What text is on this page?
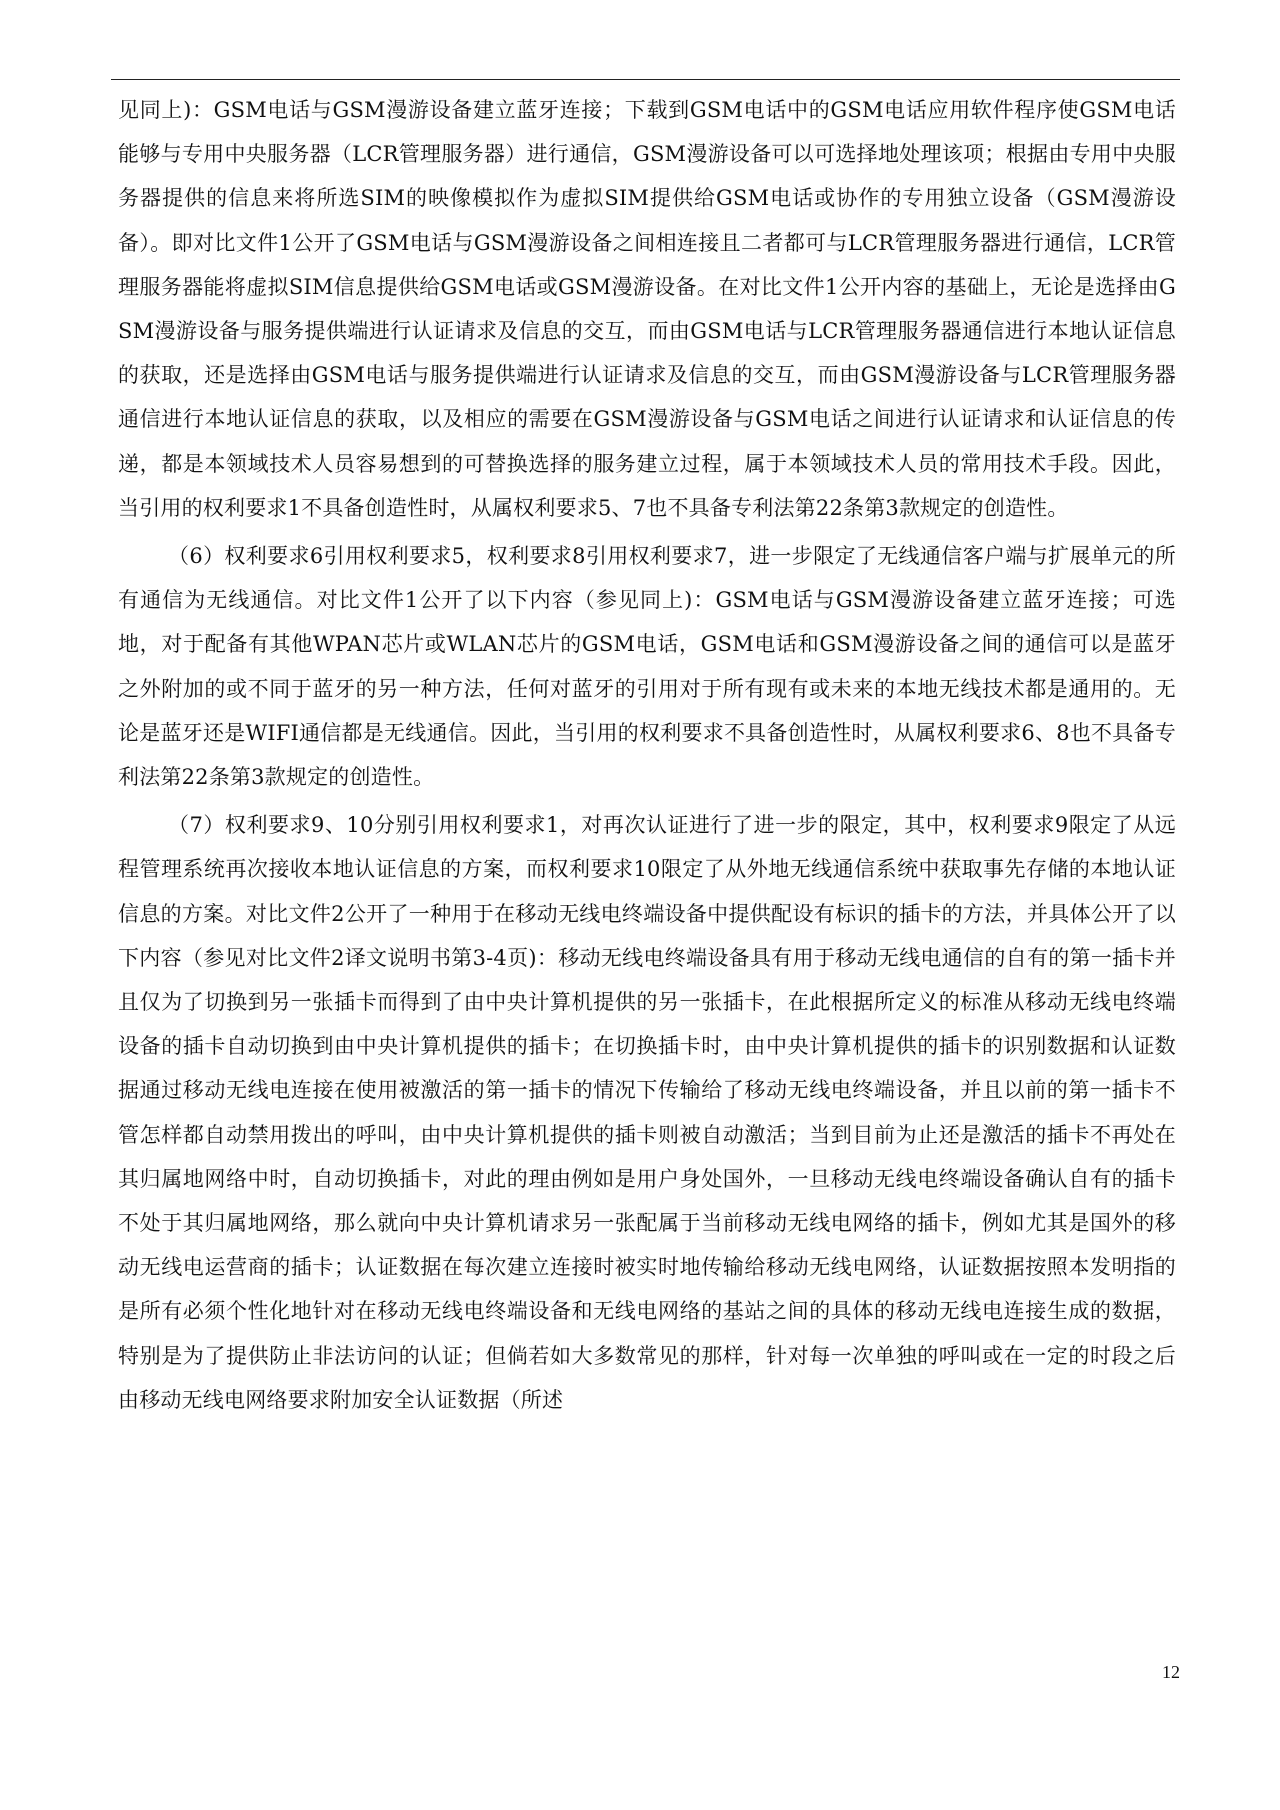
见同上)：GSM电话与GSM漫游设备建立蓝牙连接；下载到GSM电话中的GSM电话应用软件程序使GSM电话能够与专用中央服务器（LCR管理服务器）进行通信，GSM漫游设备可以可选择地处理该项；根据由专用中央服务器提供的信息来将所选SIM的映像模拟作为虚拟SIM提供给GSM电话或协作的专用独立设备（GSM漫游设备）。即对比文件1公开了GSM电话与GSM漫游设备之间相连接且二者都可与LCR管理服务器进行通信，LCR管理服务器能将虚拟SIM信息提供给GSM电话或GSM漫游设备。在对比文件1公开内容的基础上，无论是选择由GSM漫游设备与服务提供端进行认证请求及信息的交互，而由GSM电话与LCR管理服务器通信进行本地认证信息的获取，还是选择由GSM电话与服务提供端进行认证请求及信息的交互，而由GSM漫游设备与LCR管理服务器通信进行本地认证信息的获取，以及相应的需要在GSM漫游设备与GSM电话之间进行认证请求和认证信息的传递，都是本领域技术人员容易想到的可替换选择的服务建立过程，属于本领域技术人员的常用技术手段。因此，当引用的权利要求1不具备创造性时，从属权利要求5、7也不具备专利法第22条第3款规定的创造性。

（6）权利要求6引用权利要求5，权利要求8引用权利要求7，进一步限定了无线通信客户端与扩展单元的所有通信为无线通信。对比文件1公开了以下内容（参见同上)：GSM电话与GSM漫游设备建立蓝牙连接；可选地，对于配备有其他WPAN芯片或WLAN芯片的GSM电话，GSM电话和GSM漫游设备之间的通信可以是蓝牙之外附加的或不同于蓝牙的另一种方法，任何对蓝牙的引用对于所有现有或未来的本地无线技术都是通用的。无论是蓝牙还是WIFI通信都是无线通信。因此，当引用的权利要求不具备创造性时，从属权利要求6、8也不具备专利法第22条第3款规定的创造性。

（7）权利要求9、10分别引用权利要求1，对再次认证进行了进一步的限定，其中，权利要求9限定了从远程管理系统再次接收本地认证信息的方案，而权利要求10限定了从外地无线通信系统中获取事先存储的本地认证信息的方案。对比文件2公开了一种用于在移动无线电终端设备中提供配设有标识的插卡的方法，并具体公开了以下内容（参见对比文件2译文说明书第3-4页)：移动无线电终端设备具有用于移动无线电通信的自有的第一插卡并且仅为了切换到另一张插卡而得到了由中央计算机提供的另一张插卡，在此根据所定义的标准从移动无线电终端设备的插卡自动切换到由中央计算机提供的插卡；在切换插卡时，由中央计算机提供的插卡的识别数据和认证数据通过移动无线电连接在使用被激活的第一插卡的情况下传输给了移动无线电终端设备，并且以前的第一插卡不管怎样都自动禁用拨出的呼叫，由中央计算机提供的插卡则被自动激活；当到目前为止还是激活的插卡不再处在其归属地网络中时，自动切换插卡，对此的理由例如是用户身处国外，一旦移动无线电终端设备确认自有的插卡不处于其归属地网络，那么就向中央计算机请求另一张配属于当前移动无线电网络的插卡，例如尤其是国外的移动无线电运营商的插卡；认证数据在每次建立连接时被实时地传输给移动无线电网络，认证数据按照本发明指的是所有必须个性化地针对在移动无线电终端设备和无线电网络的基站之间的具体的移动无线电连接生成的数据，特别是为了提供防止非法访问的认证；但倘若如大多数常见的那样，针对每一次单独的呼叫或在一定的时段之后由移动无线电网络要求附加安全认证数据（所述

12
